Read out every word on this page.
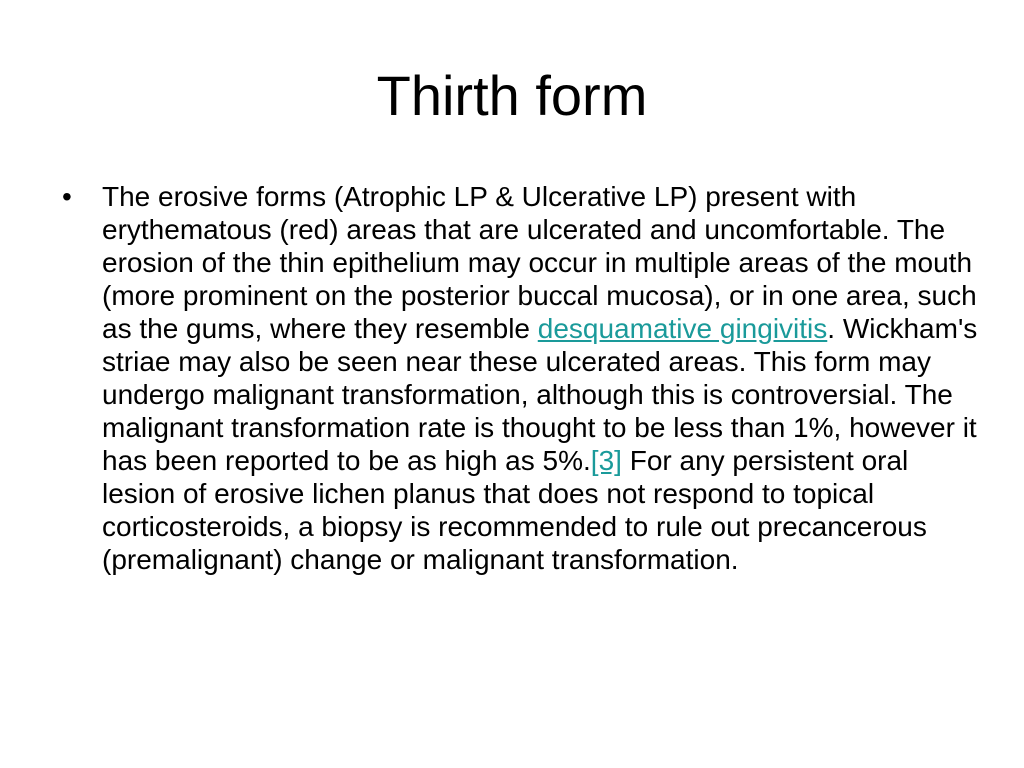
Thirth form
• The erosive forms (Atrophic LP & Ulcerative LP) present with erythematous (red) areas that are ulcerated and uncomfortable. The erosion of the thin epithelium may occur in multiple areas of the mouth (more prominent on the posterior buccal mucosa), or in one area, such as the gums, where they resemble desquamative gingivitis. Wickham's striae may also be seen near these ulcerated areas. This form may undergo malignant transformation, although this is controversial. The malignant transformation rate is thought to be less than 1%, however it has been reported to be as high as 5%.[3] For any persistent oral lesion of erosive lichen planus that does not respond to topical corticosteroids, a biopsy is recommended to rule out precancerous (premalignant) change or malignant transformation.
